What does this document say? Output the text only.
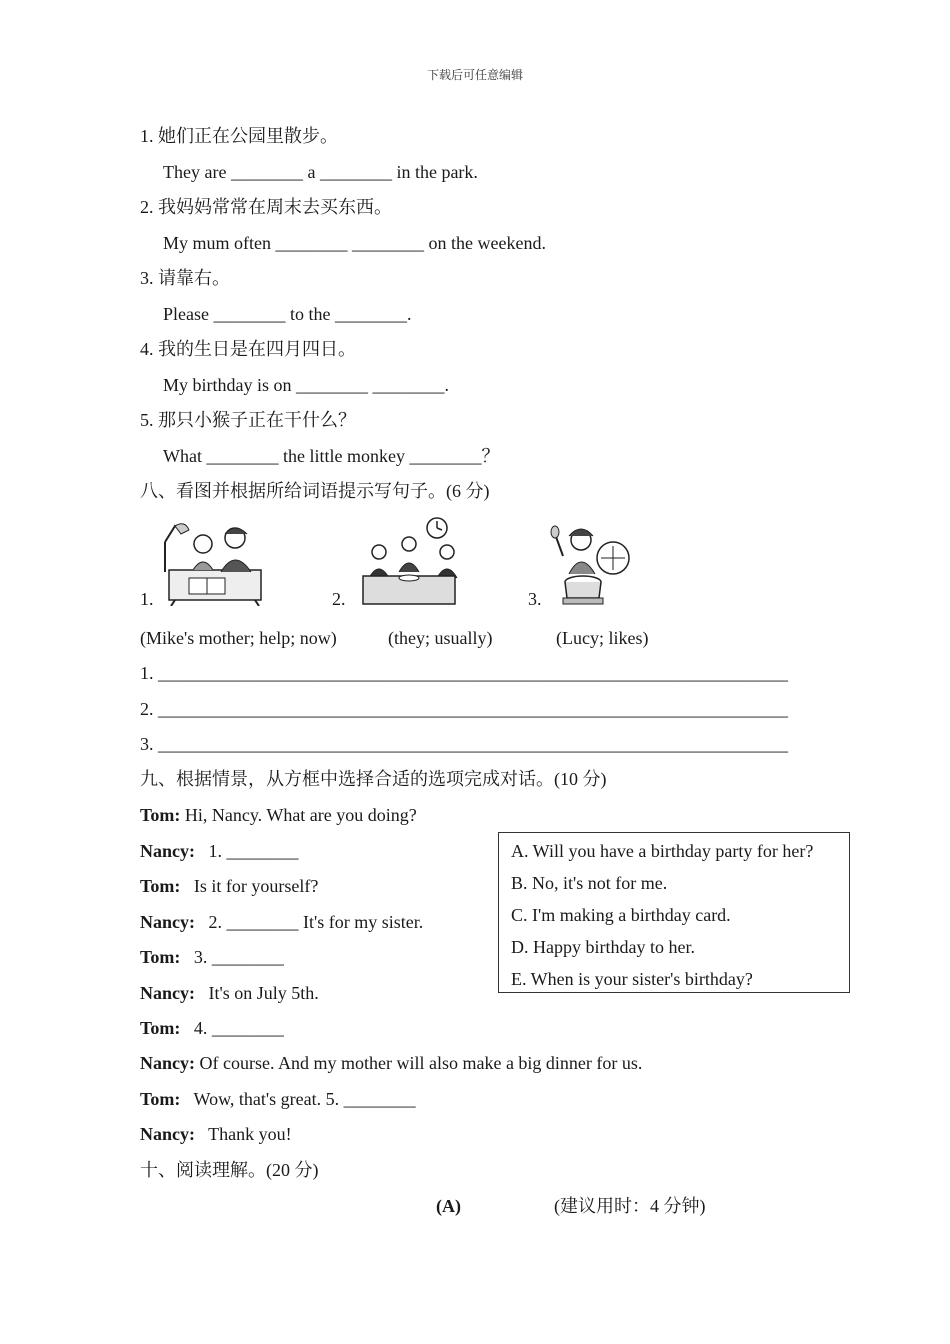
下载后可任意编辑
1. 她们正在公园里散步。
They are ________ a ________ in the park.
2. 我妈妈常常在周末去买东西。
My mum often ________ ________ on the weekend.
3. 请靠右。
Please ________ to the ________.
4. 我的生日是在四月四日。
My birthday is on ________ ________.
5. 那只小猴子正在干什么？
What ________ the little monkey ________？
八、看图并根据所给词语提示写句子。(6 分)
1.	2.	3.
(Mike's mother; help; now)	(they; usually)	(Lucy; likes)
1. ______________________________________________________________________
2. ______________________________________________________________________
3. ______________________________________________________________________
九、根据情景，从方框中选择合适的选项完成对话。(10 分)
Tom: Hi, Nancy. What are you doing?
Nancy:   1. ________
Tom:   Is it for yourself?
Nancy:   2. ________ It's for my sister.
Tom:   3. ________
Nancy:   It's on July 5th.
Tom:   4. ________
Nancy: Of course. And my mother will also make a big dinner for us.
Tom:   Wow, that's great. 5. ________
Nancy:   Thank you!
A. Will you have a birthday party for her?
B. No, it's not for me.
C. I'm making a birthday card.
D. Happy birthday to her.
E. When is your sister's birthday?
十、阅读理解。(20 分)
(A)	(建议用时：4 分钟)
